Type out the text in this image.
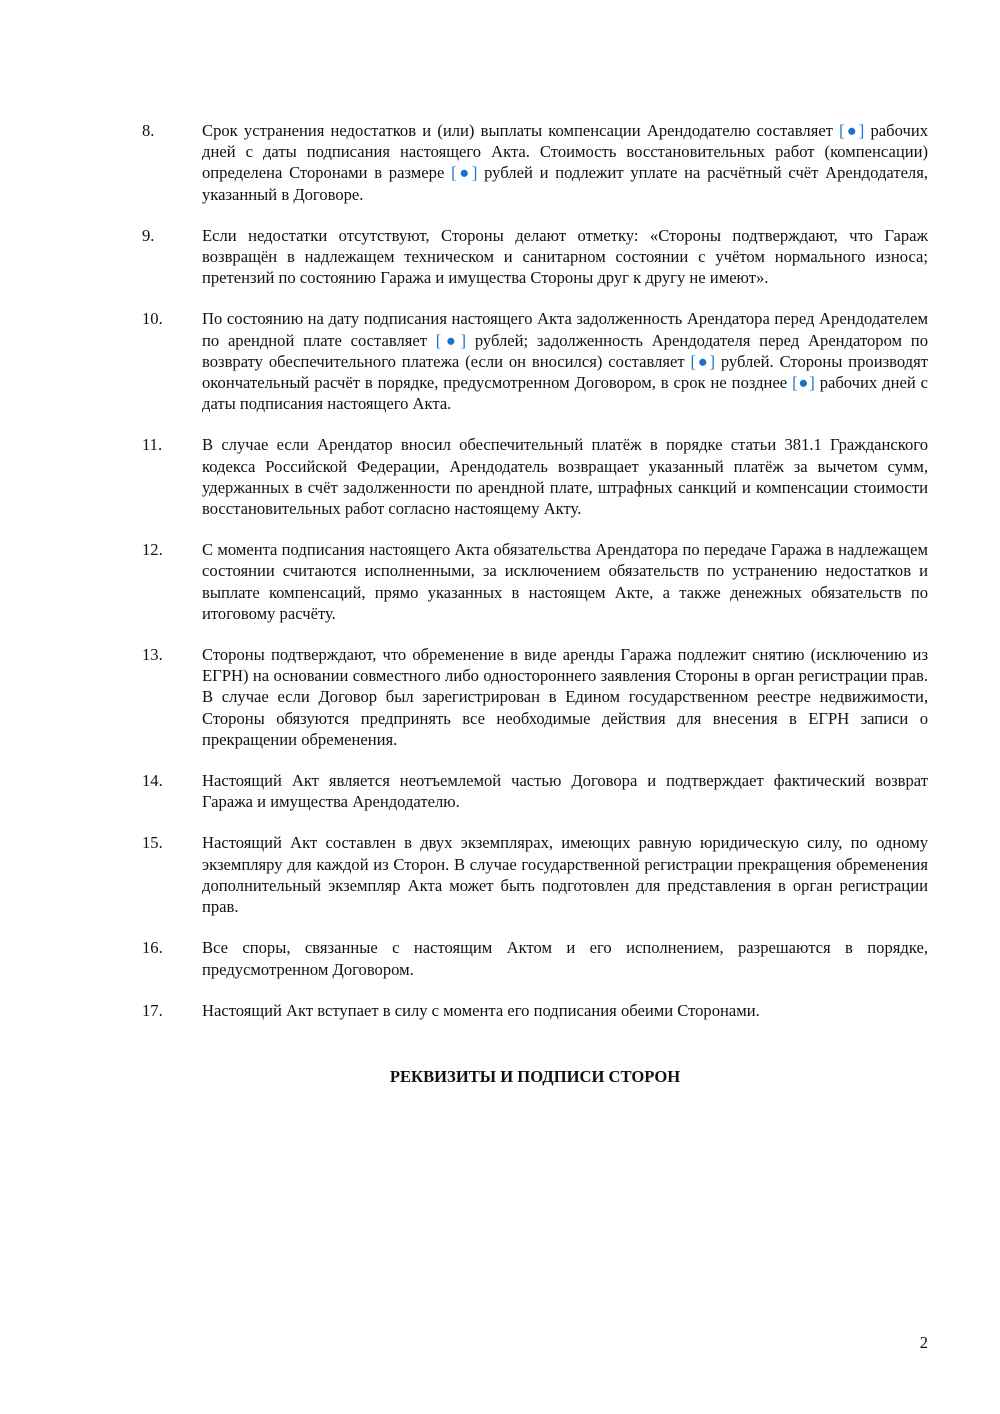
8.	Срок устранения недостатков и (или) выплаты компенсации Арендодателю составляет [●] рабочих дней с даты подписания настоящего Акта. Стоимость восстановительных работ (компенсации) определена Сторонами в размере [●] рублей и подлежит уплате на расчётный счёт Арендодателя, указанный в Договоре.
9.	Если недостатки отсутствуют, Стороны делают отметку: «Стороны подтверждают, что Гараж возвращён в надлежащем техническом и санитарном состоянии с учётом нормального износа; претензий по состоянию Гаража и имущества Стороны друг к другу не имеют».
10.	По состоянию на дату подписания настоящего Акта задолженность Арендатора перед Арендодателем по арендной плате составляет [●] рублей; задолженность Арендодателя перед Арендатором по возврату обеспечительного платежа (если он вносился) составляет [●] рублей. Стороны производят окончательный расчёт в порядке, предусмотренном Договором, в срок не позднее [●] рабочих дней с даты подписания настоящего Акта.
11.	В случае если Арендатор вносил обеспечительный платёж в порядке статьи 381.1 Гражданского кодекса Российской Федерации, Арендодатель возвращает указанный платёж за вычетом сумм, удержанных в счёт задолженности по арендной плате, штрафных санкций и компенсации стоимости восстановительных работ согласно настоящему Акту.
12.	С момента подписания настоящего Акта обязательства Арендатора по передаче Гаража в надлежащем состоянии считаются исполненными, за исключением обязательств по устранению недостатков и выплате компенсаций, прямо указанных в настоящем Акте, а также денежных обязательств по итоговому расчёту.
13.	Стороны подтверждают, что обременение в виде аренды Гаража подлежит снятию (исключению из ЕГРН) на основании совместного либо одностороннего заявления Стороны в орган регистрации прав. В случае если Договор был зарегистрирован в Едином государственном реестре недвижимости, Стороны обязуются предпринять все необходимые действия для внесения в ЕГРН записи о прекращении обременения.
14.	Настоящий Акт является неотъемлемой частью Договора и подтверждает фактический возврат Гаража и имущества Арендодателю.
15.	Настоящий Акт составлен в двух экземплярах, имеющих равную юридическую силу, по одному экземпляру для каждой из Сторон. В случае государственной регистрации прекращения обременения дополнительный экземпляр Акта может быть подготовлен для представления в орган регистрации прав.
16.	Все споры, связанные с настоящим Актом и его исполнением, разрешаются в порядке, предусмотренном Договором.
17.	Настоящий Акт вступает в силу с момента его подписания обеими Сторонами.
РЕКВИЗИТЫ И ПОДПИСИ СТОРОН
2
